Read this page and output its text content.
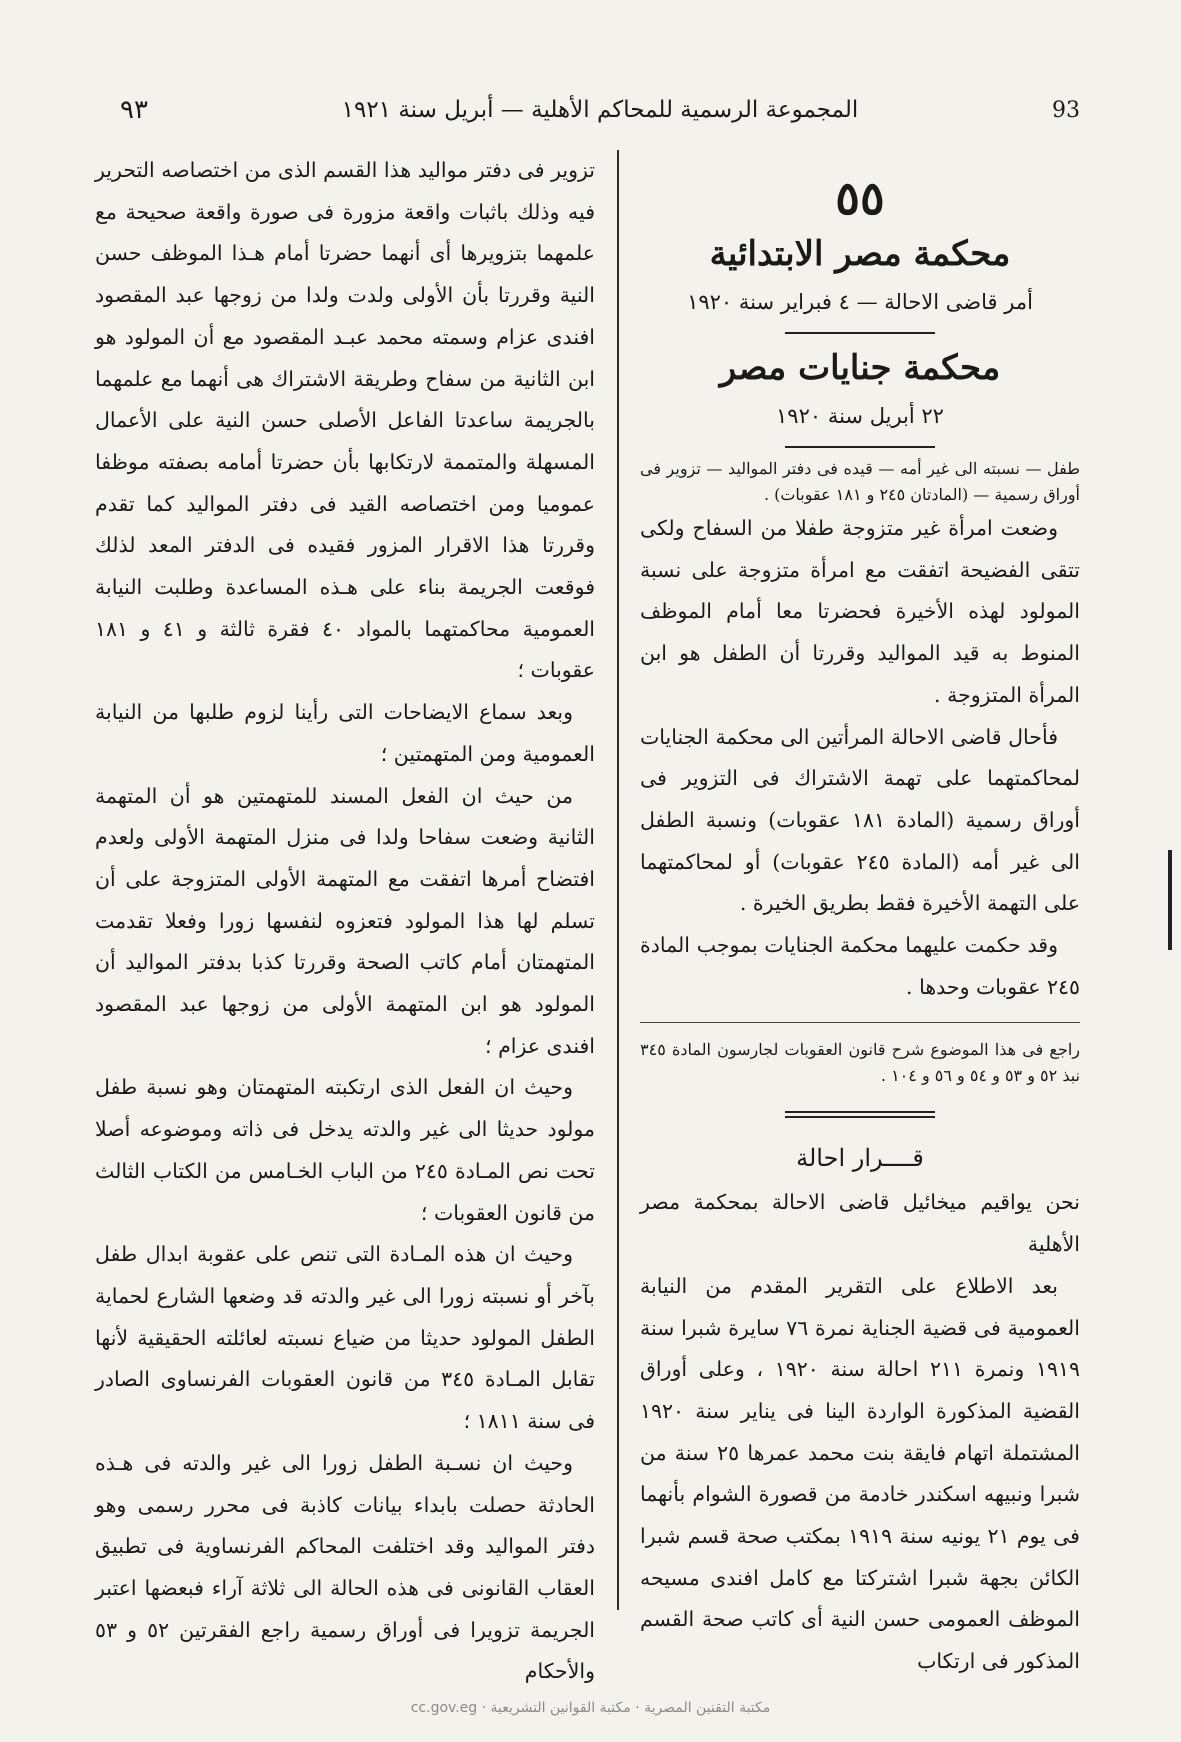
٩٣	المجموعة الرسمية للمحاكم الأهلية — أبريل سنة ١٩٢١	93
٥٥
محكمة مصر الابتدائية
أمر قاضى الاحالة — ٤ فبراير سنة ١٩٢٠
محكمة جنايات مصر
٢٢ أبريل سنة ١٩٢٠

طفل — نسبته الى غير أمه — قيده فى دفتر المواليد — تزوير فى أوراق رسمية — (المادتان ٢٤٥ و ١٨١ عقوبات) .

وضعت امرأة غير متزوجة طفلا من السفاح ولكى تتقى الفضيحة اتفقت مع امرأة متزوجة على نسبة المولود لهذه الأخيرة فحضرتا معا أمام الموظف المنوط به قيد المواليد وقررتا أن الطفل هو ابن المرأة المتزوجة .

فأحال قاضى الاحالة المرأتين الى محكمة الجنايات لمحاكمتهما على تهمة الاشتراك فى التزوير فى أوراق رسمية (المادة ١٨١ عقوبات) ونسبة الطفل الى غير أمه (المادة ٢٤٥ عقوبات) أو لمحاكمتهما على التهمة الأخيرة فقط بطريق الخيرة .

وقد حكمت عليهما محكمة الجنايات بموجب المادة ٢٤٥ عقوبات وحدها .

راجع فى هذا الموضوع شرح قانون العقوبات لجارسون المادة ٣٤٥ نبذ ٥٢ و ٥٣ و ٥٤ و ٥٦ و ١٠٤ .

قــــرار احالة

نحن يواقيم ميخائيل قاضى الاحالة بمحكمة مصر الأهلية

بعد الاطلاع على التقرير المقدم من النيابة العمومية فى قضية الجناية نمرة ٧٦ سايرة شبرا سنة ١٩١٩ ونمرة ٢١١ احالة سنة ١٩٢٠ ، وعلى أوراق القضية المذكورة الواردة الينا فى يناير سنة ١٩٢٠ المشتملة اتهام فايقة بنت محمد عمرها ٢٥ سنة من شبرا ونبيهه اسكندر خادمة من قصورة الشوام بأنهما فى يوم ٢١ يونيه سنة ١٩١٩ بمكتب صحة قسم شبرا الكائن بجهة شبرا اشتركتا مع كامل افندى مسيحه الموظف العمومى حسن النية أى كاتب صحة القسم المذكور فى ارتكاب

تزوير فى دفتر مواليد هذا القسم الذى من اختصاصه التحرير فيه وذلك باثبات واقعة مزورة فى صورة واقعة صحيحة مع علمهما بتزويرها أى أنهما حضرتا أمام هـذا الموظف حسن النية وقررتا بأن الأولى ولدت ولدا من زوجها عبد المقصود افندى عزام وسمته محمد عبـد المقصود مع أن المولود هو ابن الثانية من سفاح وطريقة الاشتراك هى أنهما مع علمهما بالجريمة ساعدتا الفاعل الأصلى حسن النية على الأعمال المسهلة والمتممة لارتكابها بأن حضرتا أمامه بصفته موظفا عموميا ومن اختصاصه القيد فى دفتر المواليد كما تقدم وقررتا هذا الاقرار المزور فقيده فى الدفتر المعد لذلك فوقعت الجريمة بناء على هـذه المساعدة وطلبت النيابة العمومية محاكمتهما بالمواد ٤٠ فقرة ثالثة و ٤١ و ١٨١ عقوبات ؛

وبعد سماع الايضاحات التى رأينا لزوم طلبها من النيابة العمومية ومن المتهمتين ؛

من حيث ان الفعل المسند للمتهمتين هو أن المتهمة الثانية وضعت سفاحا ولدا فى منزل المتهمة الأولى ولعدم افتضاح أمرها اتفقت مع المتهمة الأولى المتزوجة على أن تسلم لها هذا المولود فتعزوه لنفسها زورا وفعلا تقدمت المتهمتان أمام كاتب الصحة وقررتا كذبا بدفتر المواليد أن المولود هو ابن المتهمة الأولى من زوجها عبد المقصود افندى عزام ؛

وحيث ان الفعل الذى ارتكبته المتهمتان وهو نسبة طفل مولود حديثا الى غير والدته يدخل فى ذاته وموضوعه أصلا تحت نص المـادة ٢٤٥ من الباب الخـامس من الكتاب الثالث من قانون العقوبات ؛

وحيث ان هذه المـادة التى تنص على عقوبة ابدال طفل بآخر أو نسبته زورا الى غير والدته قد وضعها الشارع لحماية الطفل المولود حديثا من ضياع نسبته لعائلته الحقيقية لأنها تقابل المـادة ٣٤٥ من قانون العقوبات الفرنساوى الصادر فى سنة ١٨١١ ؛

وحيث ان نسـبة الطفل زورا الى غير والدته فى هـذه الحادثة حصلت بابداء بيانات كاذبة فى محرر رسمى وهو دفتر المواليد وقد اختلفت المحاكم الفرنساوية فى تطبيق العقاب القانونى فى هذه الحالة الى ثلاثة آراء فبعضها اعتبر الجريمة تزويرا فى أوراق رسمية راجع الفقرتين ٥٢ و ٥٣ والأحكام

cc.gov.eg · مكتبة التقنين المصرية · مكتبة القوانين التشريعية
